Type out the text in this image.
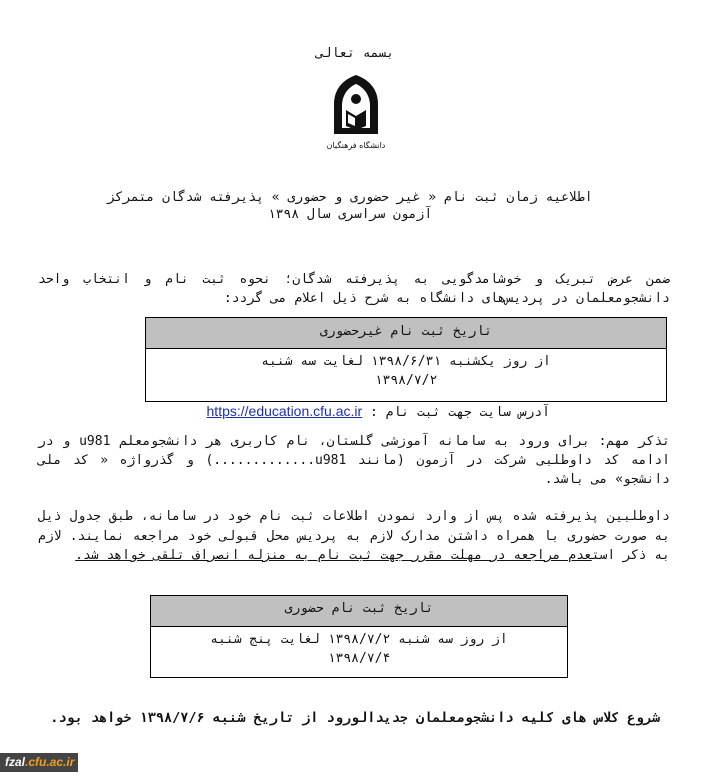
بسمه تعالی
دانشگاه فرهنگیان
اطلاعیه زمان ثبت نام « غیر حضوری و حضوری » پذیرفته شدگان متمرکز
آزمون سراسری سال ۱۳۹۸
ضمن عرض تبریک و خوشامدگویی به پذیرفته شدگان؛ نحوه ثبت نام و انتخاب واحد دانشجومعلمان در پردیس‌های دانشگاه به شرح ذیل اعلام می گردد:
تاریخ ثبت نام غیرحضوری
از روز یکشنبه ۱۳۹۸/۶/۳۱ لغایت سه شنبه
۱۳۹۸/۷/۲
آدرس سایت جهت ثبت نام : https://education.cfu.ac.ir
تذکر مهم: برای ورود به سامانه آموزشی گلستان، نام کاربری هر دانشجومعلم u981 و در ادامه کد داوطلبی شرکت در آزمون (مانند u981.............) و گذرواژه « کد ملی دانشجو» می باشد.
داوطلبین پذیرفته شده پس از وارد نمودن اطلاعات ثبت نام خود در سامانه، طبق جدول ذیل به صورت حضوری با همراه داشتن مدارک لازم به پردیس محل قبولی خود مراجعه نمایند. لازم به ذکر استعدم مراجعه در مهلت مقرر جهت ثبت نام به منزله انصراف تلقی خواهد شد.
تاریخ ثبت نام حضوری
از روز سه شنبه ۱۳۹۸/۷/۲ لغایت پنج شنبه
۱۳۹۸/۷/۴
شروع کلاس های کلیه دانشجومعلمان جدیدالورود از تاریخ شنبه ۱۳۹۸/۷/۶ خواهد بود.
fzal.cfu.ac.ir
